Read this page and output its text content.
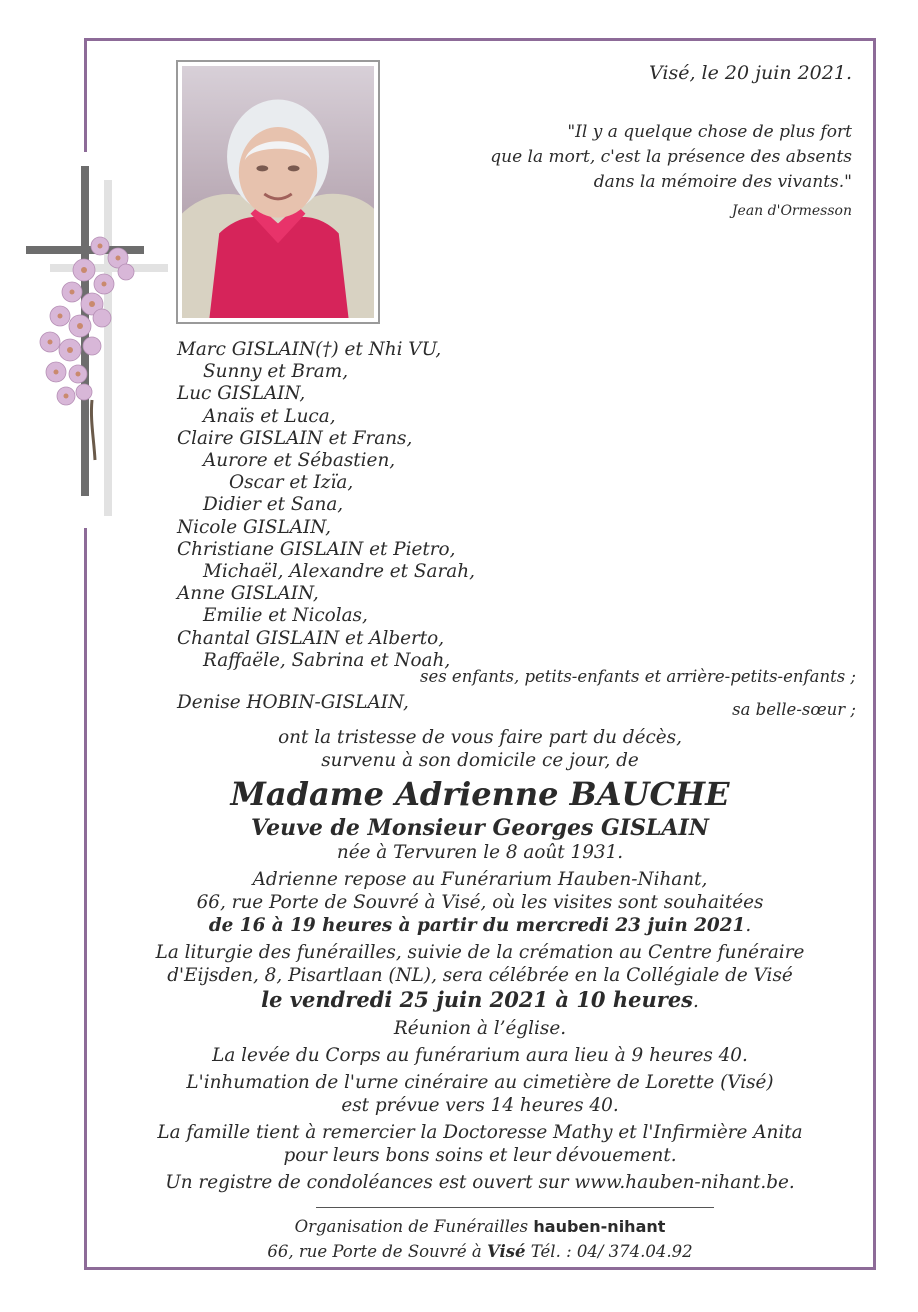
Visé, le 20 juin 2021.
"Il y a quelque chose de plus fort
que la mort, c'est la présence des absents
dans la mémoire des vivants."
Jean d'Ormesson
Marc GISLAIN(†) et Nhi VU,
Sunny et Bram,
Luc GISLAIN,
Anaïs et Luca,
Claire GISLAIN et Frans,
Aurore et Sébastien,
Oscar et Izïa,
Didier et Sana,
Nicole GISLAIN,
Christiane GISLAIN et Pietro,
Michaël, Alexandre et Sarah,
Anne GISLAIN,
Emilie et Nicolas,
Chantal GISLAIN et Alberto,
Raffaële, Sabrina et Noah,
ses enfants, petits-enfants et arrière-petits-enfants ;
Denise HOBIN-GISLAIN,	sa belle-sœur ;
ont la tristesse de vous faire part du décès,
survenu à son domicile ce jour, de
Madame Adrienne BAUCHE
Veuve de Monsieur Georges GISLAIN
née à Tervuren le 8 août 1931.
Adrienne repose au Funérarium Hauben-Nihant,
66, rue Porte de Souvré à Visé, où les visites sont souhaitées
de 16 à 19 heures à partir du mercredi 23 juin 2021.
La liturgie des funérailles, suivie de la crémation au Centre funéraire
d'Eijsden, 8, Pisartlaan (NL), sera célébrée en la Collégiale de Visé
le vendredi 25 juin 2021 à 10 heures.
Réunion à l’église.
La levée du Corps au funérarium aura lieu à 9 heures 40.
L'inhumation de l'urne cinéraire au cimetière de Lorette (Visé)
est prévue vers 14 heures 40.
La famille tient à remercier la Doctoresse Mathy et l'Infirmière Anita
pour leurs bons soins et leur dévouement.
Un registre de condoléances est ouvert sur www.hauben-nihant.be.
Organisation de Funérailles hauben-nihant
66, rue Porte de Souvré à Visé Tél. : 04/ 374.04.92
